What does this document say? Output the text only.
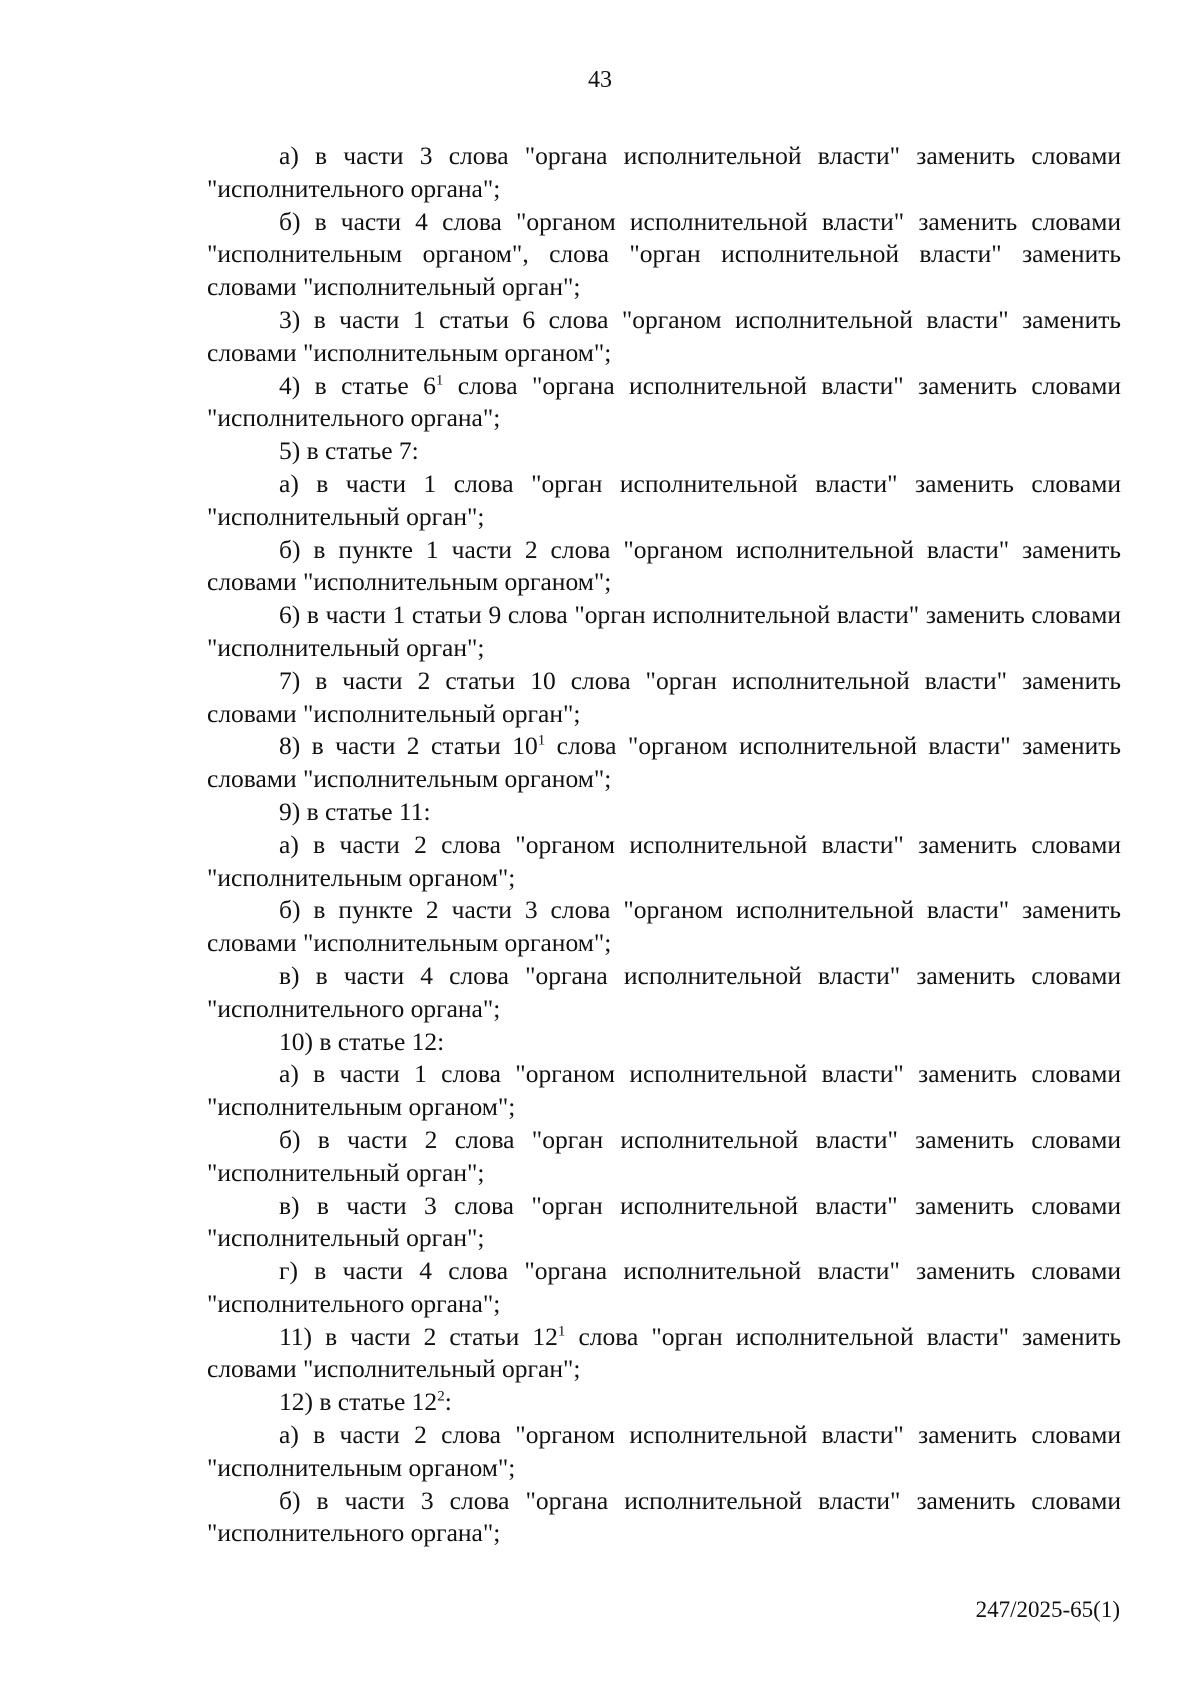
43

а) в части 3 слова "органа исполнительной власти" заменить словами "исполнительного органа";

б) в части 4 слова "органом исполнительной власти" заменить словами "исполнительным органом", слова "орган исполнительной власти" заменить словами "исполнительный орган";

3) в части 1 статьи 6 слова "органом исполнительной власти" заменить словами "исполнительным органом";

4) в статье $6^1$ слова "органа исполнительной власти" заменить словами "исполнительного органа";

5) в статье 7:

а) в части 1 слова "орган исполнительной власти" заменить словами "исполнительный орган";

б) в пункте 1 части 2 слова "органом исполнительной власти" заменить словами "исполнительным органом";

6) в части 1 статьи 9 слова "орган исполнительной власти" заменить словами "исполнительный орган";

7) в части 2 статьи 10 слова "орган исполнительной власти" заменить словами "исполнительный орган";

8) в части 2 статьи $10^1$ слова "органом исполнительной власти" заменить словами "исполнительным органом";

9) в статье 11:

а) в части 2 слова "органом исполнительной власти" заменить словами "исполнительным органом";

б) в пункте 2 части 3 слова "органом исполнительной власти" заменить словами "исполнительным органом";

в) в части 4 слова "органа исполнительной власти" заменить словами "исполнительного органа";

10) в статье 12:

а) в части 1 слова "органом исполнительной власти" заменить словами "исполнительным органом";

б) в части 2 слова "орган исполнительной власти" заменить словами "исполнительный орган";

в) в части 3 слова "орган исполнительной власти" заменить словами "исполнительный орган";

г) в части 4 слова "органа исполнительной власти" заменить словами "исполнительного органа";

11) в части 2 статьи $12^1$ слова "орган исполнительной власти" заменить словами "исполнительный орган";

12) в статье $12^2$:

а) в части 2 слова "органом исполнительной власти" заменить словами "исполнительным органом";

б) в части 3 слова "органа исполнительной власти" заменить словами "исполнительного органа";

247/2025-65(1)
